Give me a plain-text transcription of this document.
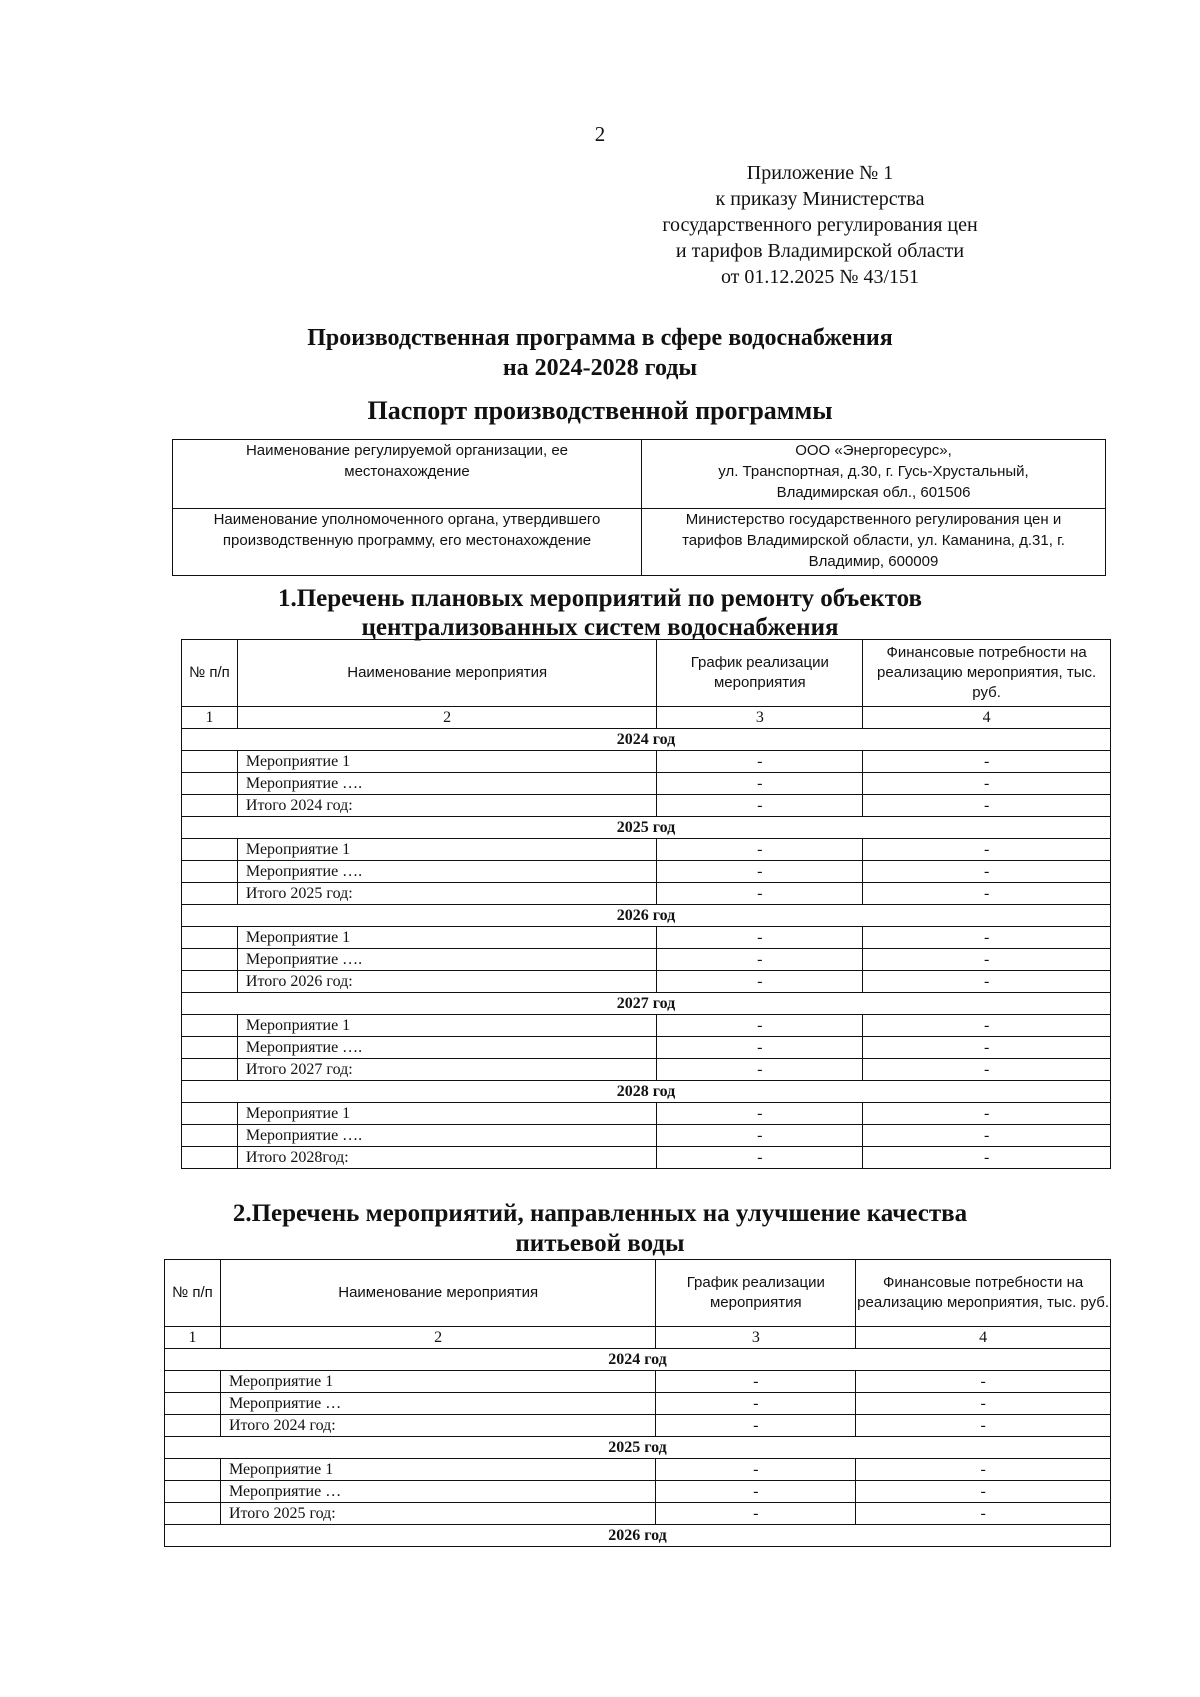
2
Приложение № 1
к приказу Министерства
государственного регулирования цен
и тарифов Владимирской области
от 01.12.2025 № 43/151
Производственная программа в сфере водоснабжения
на 2024-2028 годы
Паспорт производственной программы
Наименование регулируемой организации, ее местонахождение	ООО «Энергоресурс»,
ул. Транспортная, д.30, г. Гусь-Хрустальный,
Владимирская обл., 601506

Наименование уполномоченного органа, утвердившего производственную программу, его местонахождение	Министерство государственного регулирования цен и
тарифов Владимирской области, ул. Каманина, д.31, г.
Владимир, 600009
1.Перечень плановых мероприятий по ремонту объектов
централизованных систем водоснабжения
№ п/п	Наименование мероприятия	График реализации мероприятия	Финансовые потребности на реализацию мероприятия, тыс. руб.
1	2	3	4
2024 год			
	Мероприятие 1	-	-
	Мероприятие ….	-	-
	Итого 2024 год:	-	-
2025 год			
	Мероприятие 1	-	-
	Мероприятие ….	-	-
	Итого 2025 год:	-	-
2026 год			
	Мероприятие 1	-	-
	Мероприятие ….	-	-
	Итого 2026 год:	-	-
2027 год			
	Мероприятие 1	-	-
	Мероприятие ….	-	-
	Итого 2027 год:	-	-
2028 год			
	Мероприятие 1	-	-
	Мероприятие ….	-	-
	Итого 2028год:	-	-
2.Перечень мероприятий, направленных на улучшение качества
питьевой воды
№ п/п	Наименование мероприятия	График реализации мероприятия	Финансовые потребности на реализацию мероприятия, тыс. руб.
1	2	3	4
2024 год			
	Мероприятие 1	-	-
	Мероприятие …	-	-
	Итого 2024 год:	-	-
2025 год			
	Мероприятие 1	-	-
	Мероприятие …	-	-
	Итого 2025 год:	-	-
2026 год			
